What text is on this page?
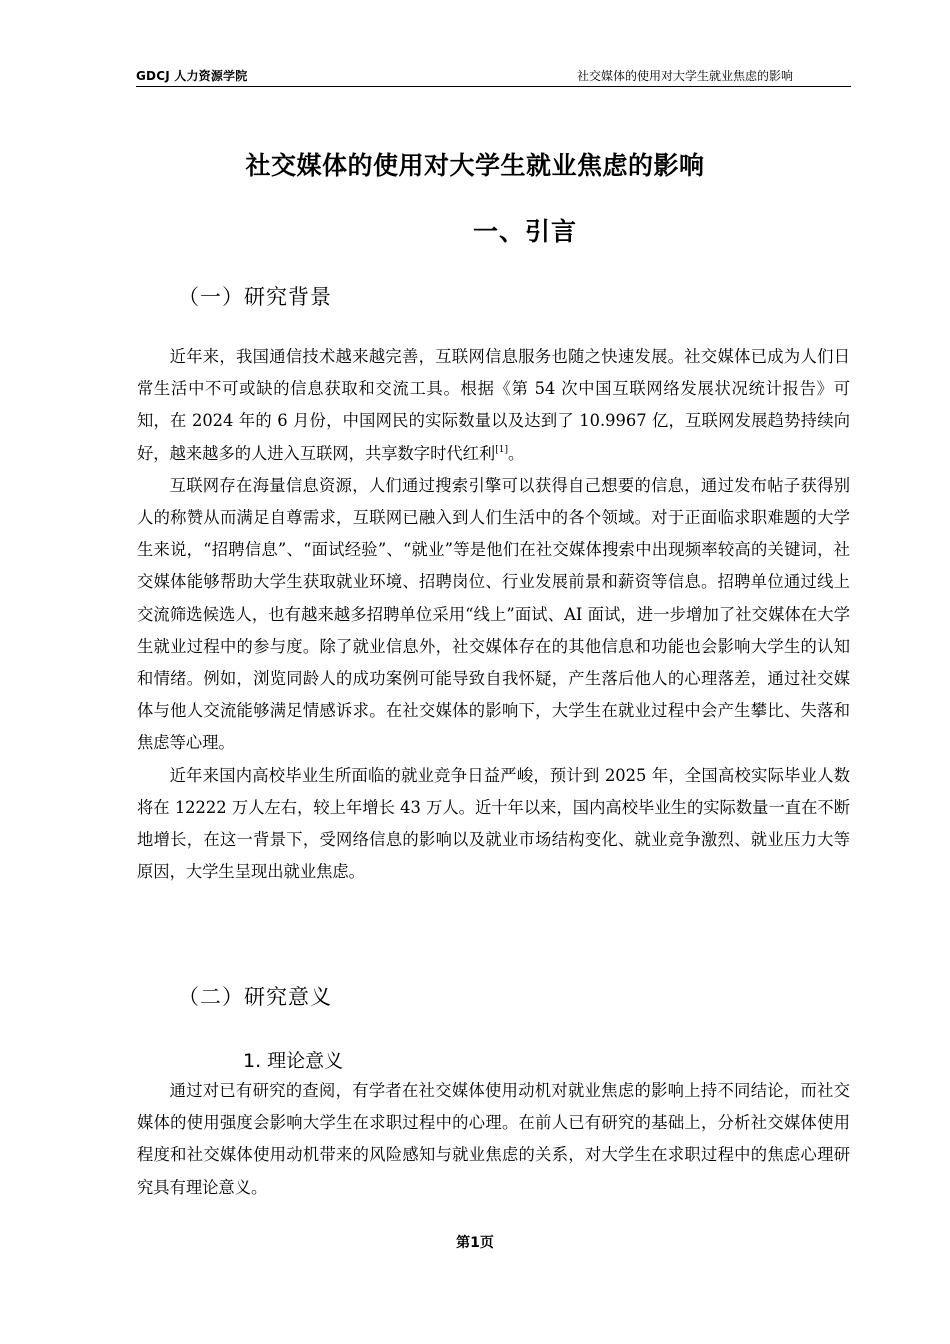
GDCJ 人力资源学院	社交媒体的使用对大学生就业焦虑的影响
社交媒体的使用对大学生就业焦虑的影响
一、引言
（一）研究背景

近年来，我国通信技术越来越完善，互联网信息服务也随之快速发展。社交媒体已成为人们日常生活中不可或缺的信息获取和交流工具。根据《第 54 次中国互联网络发展状况统计报告》可知，在 2024 年的 6 月份，中国网民的实际数量以及达到了 10.9967 亿，互联网发展趋势持续向好，越来越多的人进入互联网，共享数字时代红利[1]。

互联网存在海量信息资源，人们通过搜索引擎可以获得自己想要的信息，通过发布帖子获得别人的称赞从而满足自尊需求，互联网已融入到人们生活中的各个领域。对于正面临求职难题的大学生来说，“招聘信息”、“面试经验”、“就业”等是他们在社交媒体搜索中出现频率较高的关键词，社交媒体能够帮助大学生获取就业环境、招聘岗位、行业发展前景和薪资等信息。招聘单位通过线上交流筛选候选人，也有越来越多招聘单位采用“线上”面试、AI 面试，进一步增加了社交媒体在大学生就业过程中的参与度。除了就业信息外，社交媒体存在的其他信息和功能也会影响大学生的认知和情绪。例如，浏览同龄人的成功案例可能导致自我怀疑，产生落后他人的心理落差，通过社交媒体与他人交流能够满足情感诉求。在社交媒体的影响下，大学生在就业过程中会产生攀比、失落和焦虑等心理。

近年来国内高校毕业生所面临的就业竞争日益严峻，预计到 2025 年，全国高校实际毕业人数将在 12222 万人左右，较上年增长 43 万人。近十年以来，国内高校毕业生的实际数量一直在不断地增长，在这一背景下，受网络信息的影响以及就业市场结构变化、就业竞争激烈、就业压力大等原因，大学生呈现出就业焦虑。

（二）研究意义
1. 理论意义

通过对已有研究的查阅，有学者在社交媒体使用动机对就业焦虑的影响上持不同结论，而社交媒体的使用强度会影响大学生在求职过程中的心理。在前人已有研究的基础上，分析社交媒体使用程度和社交媒体使用动机带来的风险感知与就业焦虑的关系，对大学生在求职过程中的焦虑心理研究具有理论意义。

第1页
